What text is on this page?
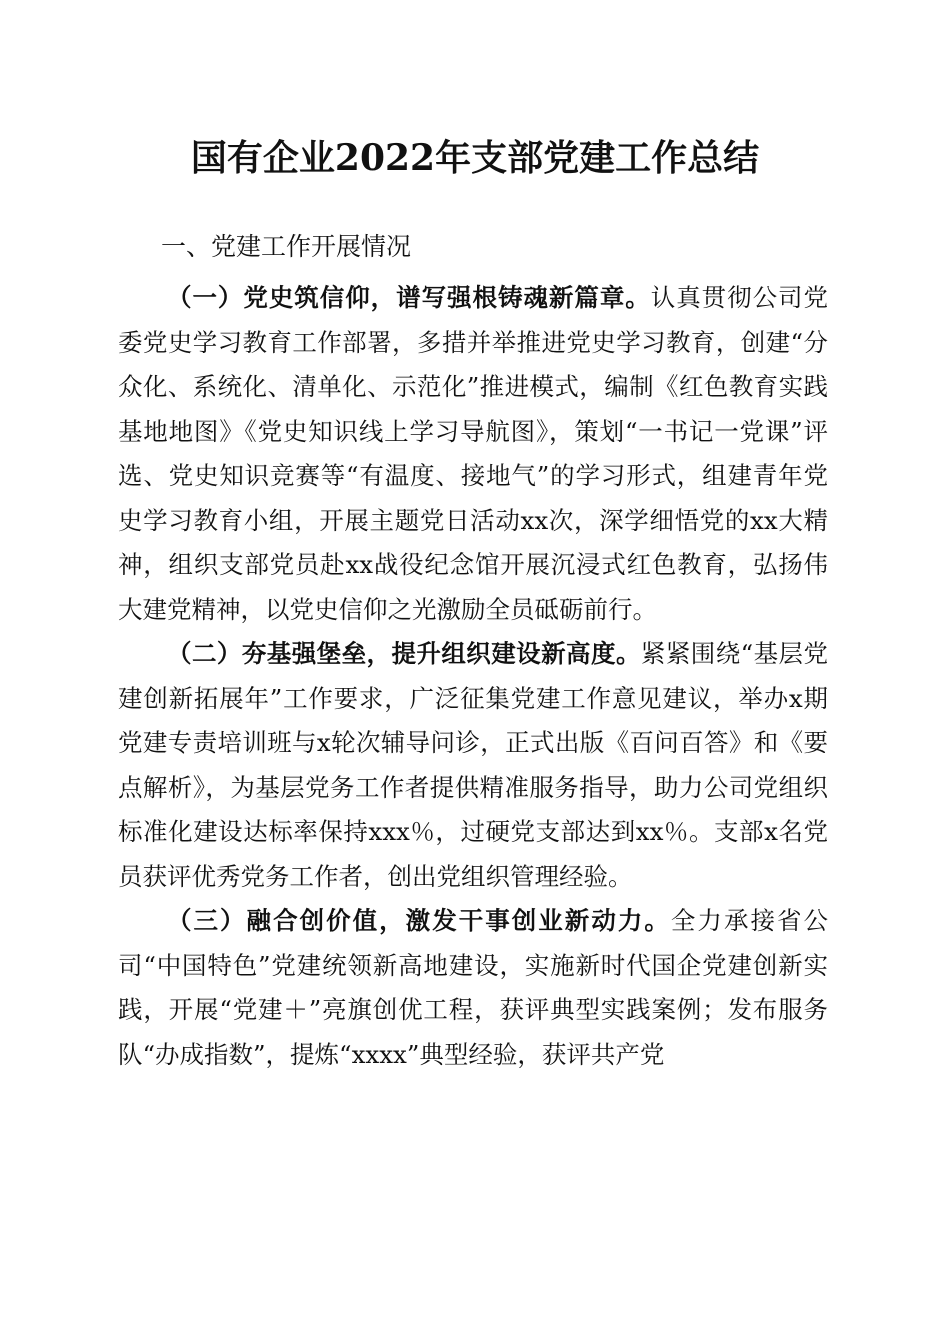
国有企业2022年支部党建工作总结
一、党建工作开展情况

（一）党史筑信仰，谱写强根铸魂新篇章。认真贯彻公司党委党史学习教育工作部署，多措并举推进党史学习教育，创建“分众化、系统化、清单化、示范化”推进模式，编制《红色教育实践基地地图》《党史知识线上学习导航图》，策划“一书记一党课”评选、党史知识竞赛等“有温度、接地气”的学习形式，组建青年党史学习教育小组，开展主题党日活动xx次，深学细悟党的xx大精神，组织支部党员赴xx战役纪念馆开展沉浸式红色教育，弘扬伟大建党精神，以党史信仰之光激励全员砥砺前行。

（二）夯基强堡垒，提升组织建设新高度。紧紧围绕“基层党建创新拓展年”工作要求，广泛征集党建工作意见建议，举办x期党建专责培训班与x轮次辅导问诊，正式出版《百问百答》和《要点解析》，为基层党务工作者提供精准服务指导，助力公司党组织标准化建设达标率保持xxx％，过硬党支部达到xx％。支部x名党员获评优秀党务工作者，创出党组织管理经验。

（三）融合创价值，激发干事创业新动力。全力承接省公司“中国特色”党建统领新高地建设，实施新时代国企党建创新实践，开展“党建＋”亮旗创优工程，获评典型实践案例；发布服务队“办成指数”，提炼“xxxx”典型经验，获评共产党
